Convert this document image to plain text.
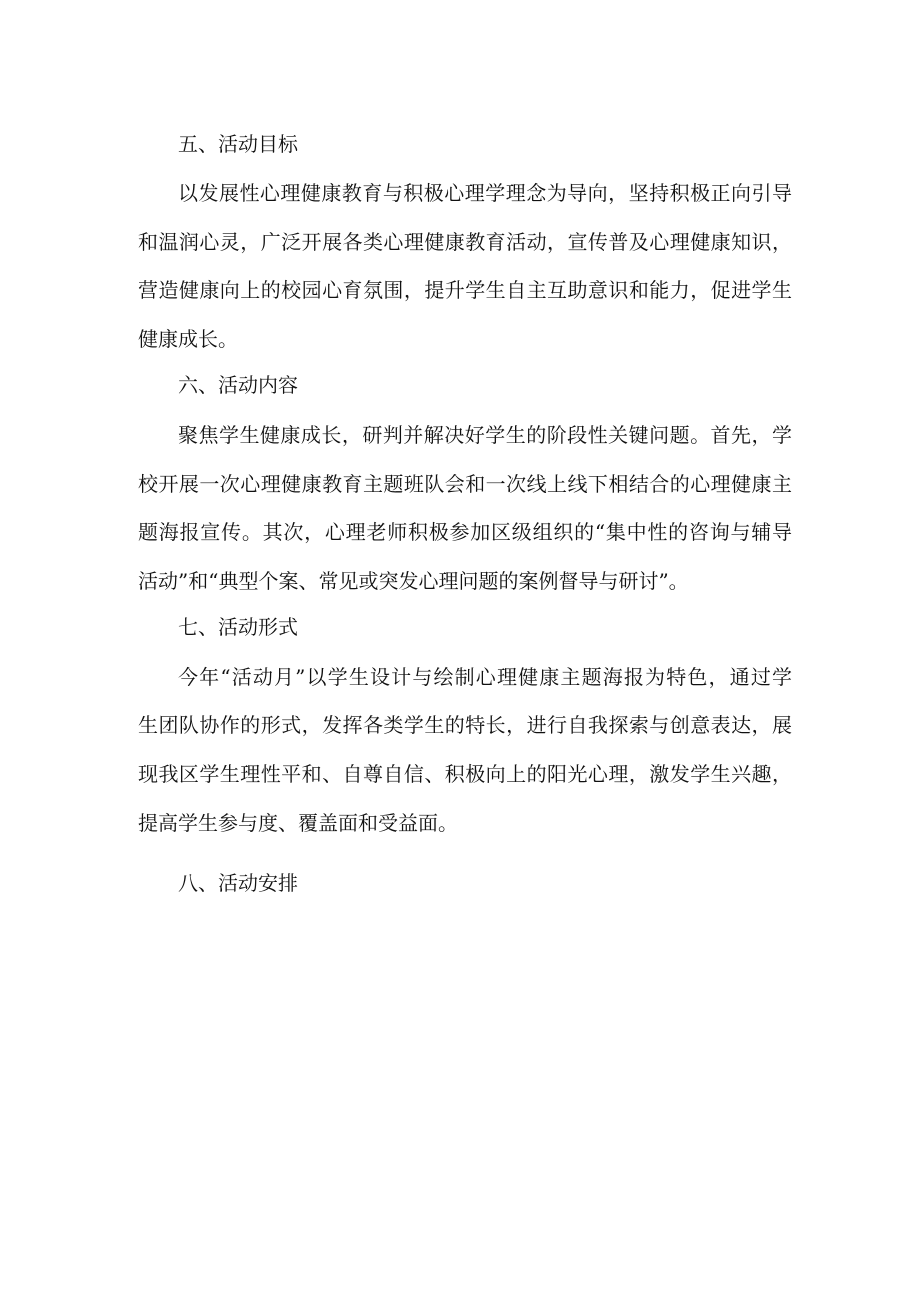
五、活动目标
以发展性心理健康教育与积极心理学理念为导向，坚持积极正向引导
和温润心灵，广泛开展各类心理健康教育活动，宣传普及心理健康知识，
营造健康向上的校园心育氛围，提升学生自主互助意识和能力，促进学生
健康成长。
六、活动内容
聚焦学生健康成长，研判并解决好学生的阶段性关键问题。首先，学
校开展一次心理健康教育主题班队会和一次线上线下相结合的心理健康主
题海报宣传。其次，心理老师积极参加区级组织的“集中性的咨询与辅导
活动”和“典型个案、常见或突发心理问题的案例督导与研讨”。
七、活动形式
今年“活动月”以学生设计与绘制心理健康主题海报为特色，通过学
生团队协作的形式，发挥各类学生的特长，进行自我探索与创意表达，展
现我区学生理性平和、自尊自信、积极向上的阳光心理，激发学生兴趣，
提高学生参与度、覆盖面和受益面。
八、活动安排
